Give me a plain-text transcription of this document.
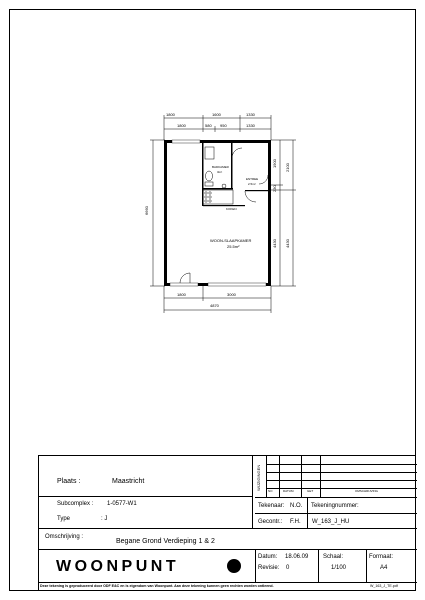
1800	1600	1330
1800	580 950	1330
1800	3000
4870
6660
1900
230
4430
2100
4430
BADKAMER
3m²
ENTREE
2.5m²
KOKEN
WOON-SLAAPKAMER
25.5m²
WIJZIGINGEN NO	DATUM	GET	OMSCHRIJVING
Plaats :	Maastricht
Subcomplex : 1-0577-W1
Type	: J
Tekenaar: N.O.
Gecontr.: F.H.
Tekeningnummer:
W_163_J_HU
Omschrijving :
Begane Grond Verdieping 1 & 2
WOONPUNT
Datum: 18.06.09
Revisie: 0
Schaal:
1/100
Formaat:
A4
Deze tekening is geproduceerd door ODF E&C en is eigendom van Woonpunt. Aan deze tekening kunnen geen rechten worden ontleend.	W_163_J_TE.pdf
